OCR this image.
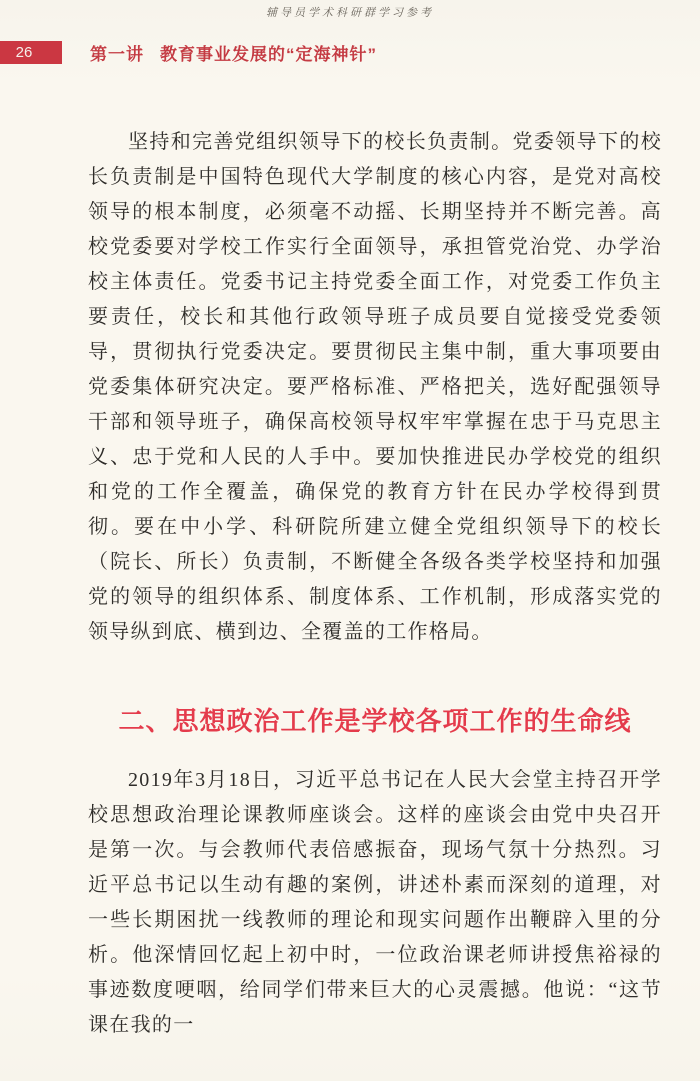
辅导员学术科研群学习参考
26	第一讲 教育事业发展的“定海神针”

坚持和完善党组织领导下的校长负责制。党委领导下的校长负责制是中国特色现代大学制度的核心内容，是党对高校领导的根本制度，必须毫不动摇、长期坚持并不断完善。高校党委要对学校工作实行全面领导，承担管党治党、办学治校主体责任。党委书记主持党委全面工作，对党委工作负主要责任，校长和其他行政领导班子成员要自觉接受党委领导，贯彻执行党委决定。要贯彻民主集中制，重大事项要由党委集体研究决定。要严格标准、严格把关，选好配强领导干部和领导班子，确保高校领导权牢牢掌握在忠于马克思主义、忠于党和人民的人手中。要加快推进民办学校党的组织和党的工作全覆盖，确保党的教育方针在民办学校得到贯彻。要在中小学、科研院所建立健全党组织领导下的校长（院长、所长）负责制，不断健全各级各类学校坚持和加强党的领导的组织体系、制度体系、工作机制，形成落实党的领导纵到底、横到边、全覆盖的工作格局。

二、思想政治工作是学校各项工作的生命线

2019年3月18日，习近平总书记在人民大会堂主持召开学校思想政治理论课教师座谈会。这样的座谈会由党中央召开是第一次。与会教师代表倍感振奋，现场气氛十分热烈。习近平总书记以生动有趣的案例，讲述朴素而深刻的道理，对一些长期困扰一线教师的理论和现实问题作出鞭辟入里的分析。他深情回忆起上初中时，一位政治课老师讲授焦裕禄的事迹数度哽咽，给同学们带来巨大的心灵震撼。他说：“这节课在我的一
